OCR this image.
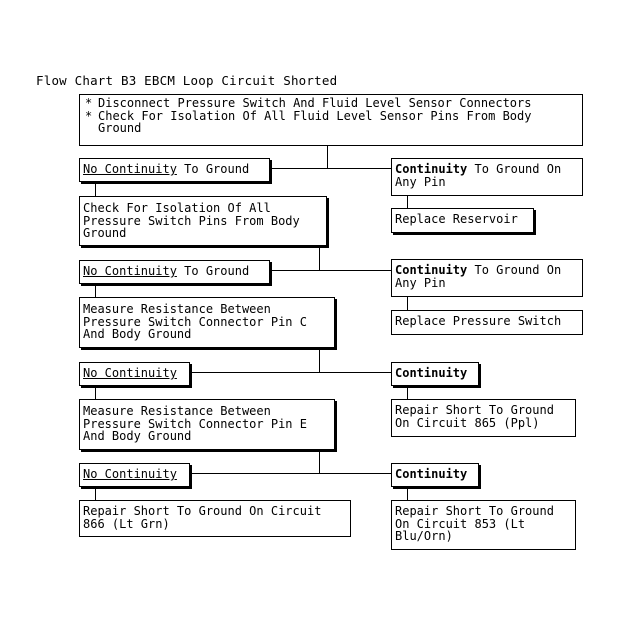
Flow Chart B3 EBCM Loop Circuit Shorted
* Disconnect Pressure Switch And Fluid Level Sensor Connectors
* Check For Isolation Of All Fluid Level Sensor Pins From Body Ground
No Continuity To Ground	Continuity To Ground On Any Pin
Check For Isolation Of All Pressure Switch Pins From Body Ground
Replace Reservoir
No Continuity To Ground	Continuity To Ground On Any Pin
Measure Resistance Between Pressure Switch Connector Pin C And Body Ground
Replace Pressure Switch
No Continuity	Continuity
Measure Resistance Between Pressure Switch Connector Pin E And Body Ground
Repair Short To Ground On Circuit 865 (Ppl)
No Continuity	Continuity
Repair Short To Ground On Circuit 866 (Lt Grn)
Repair Short To Ground On Circuit 853 (Lt Blu/Orn)
